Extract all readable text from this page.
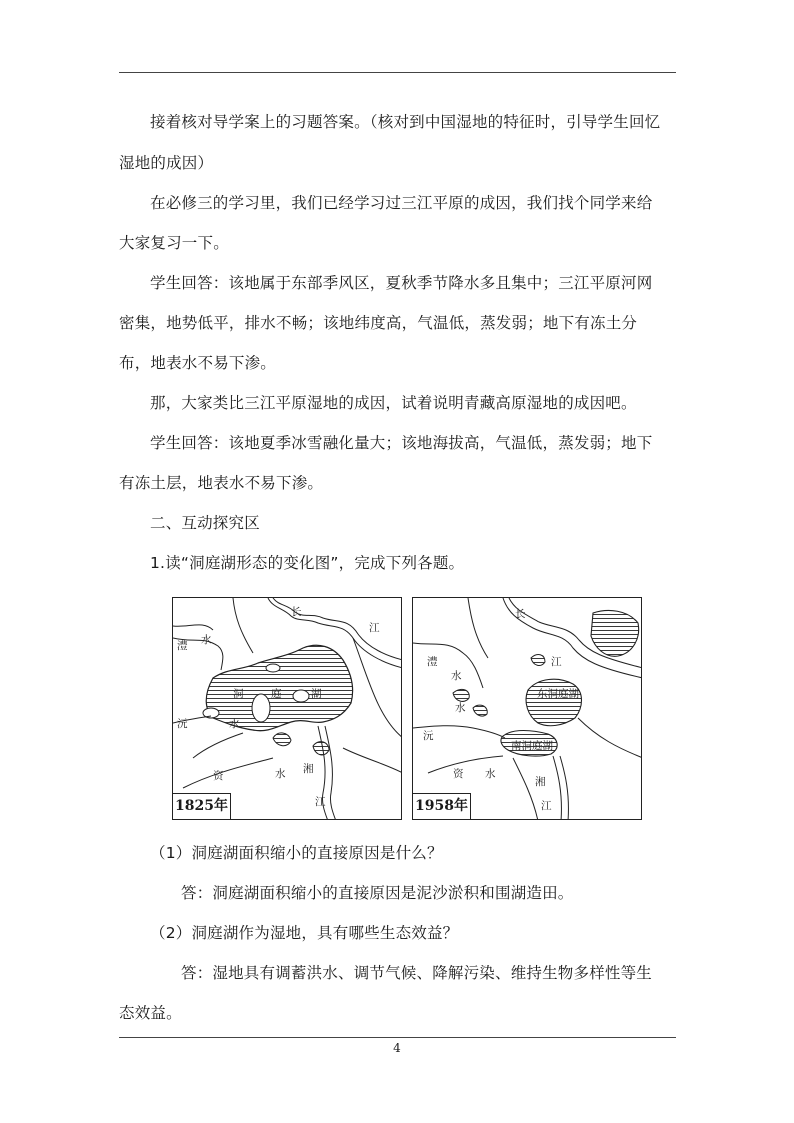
接着核对导学案上的习题答案。（核对到中国湿地的特征时，引导学生回忆
湿地的成因）
在必修三的学习里，我们已经学习过三江平原的成因，我们找个同学来给
大家复习一下。
学生回答：该地属于东部季风区，夏秋季节降水多且集中；三江平原河网
密集，地势低平，排水不畅；该地纬度高，气温低，蒸发弱；地下有冻土分
布，地表水不易下渗。
那，大家类比三江平原湿地的成因，试着说明青藏高原湿地的成因吧。
学生回答：该地夏季冰雪融化量大；该地海拔高，气温低，蒸发弱；地下
有冻土层，地表水不易下渗。
二、互动探究区
1.读“洞庭湖形态的变化图”，完成下列各题。
长
江
澧 水
洞	庭	湖
沅	水
资	水 湘
江
1825年
长
江
澧
水
东洞庭湖
南洞庭湖
沅
水
资 水
湘
江
1958年
（1）洞庭湖面积缩小的直接原因是什么？
答：洞庭湖面积缩小的直接原因是泥沙淤积和围湖造田。
（2）洞庭湖作为湿地，具有哪些生态效益？
答：湿地具有调蓄洪水、调节气候、降解污染、维持生物多样性等生
态效益。
4
